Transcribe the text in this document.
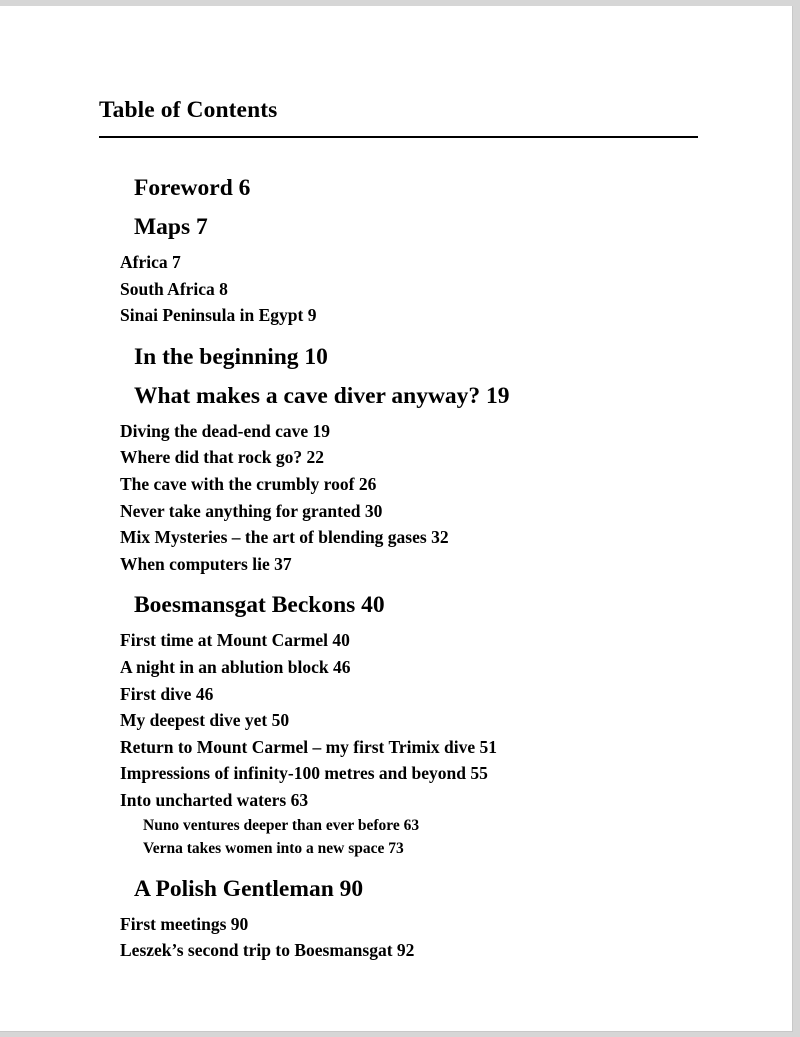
Table of Contents
Foreword 6
Maps 7
Africa 7
South Africa 8
Sinai Peninsula in Egypt 9
In the beginning 10
What makes a cave diver anyway? 19
Diving the dead-end cave 19
Where did that rock go? 22
The cave with the crumbly roof 26
Never take anything for granted 30
Mix Mysteries – the art of blending gases 32
When computers lie 37
Boesmansgat Beckons 40
First time at Mount Carmel 40
A night in an ablution block 46
First dive 46
My deepest dive yet 50
Return to Mount Carmel – my first Trimix dive 51
Impressions of infinity-100 metres and beyond 55
Into uncharted waters 63
Nuno ventures deeper than ever before 63
Verna takes women into a new space 73
A Polish Gentleman 90
First meetings 90
Leszek’s second trip to Boesmansgat 92
